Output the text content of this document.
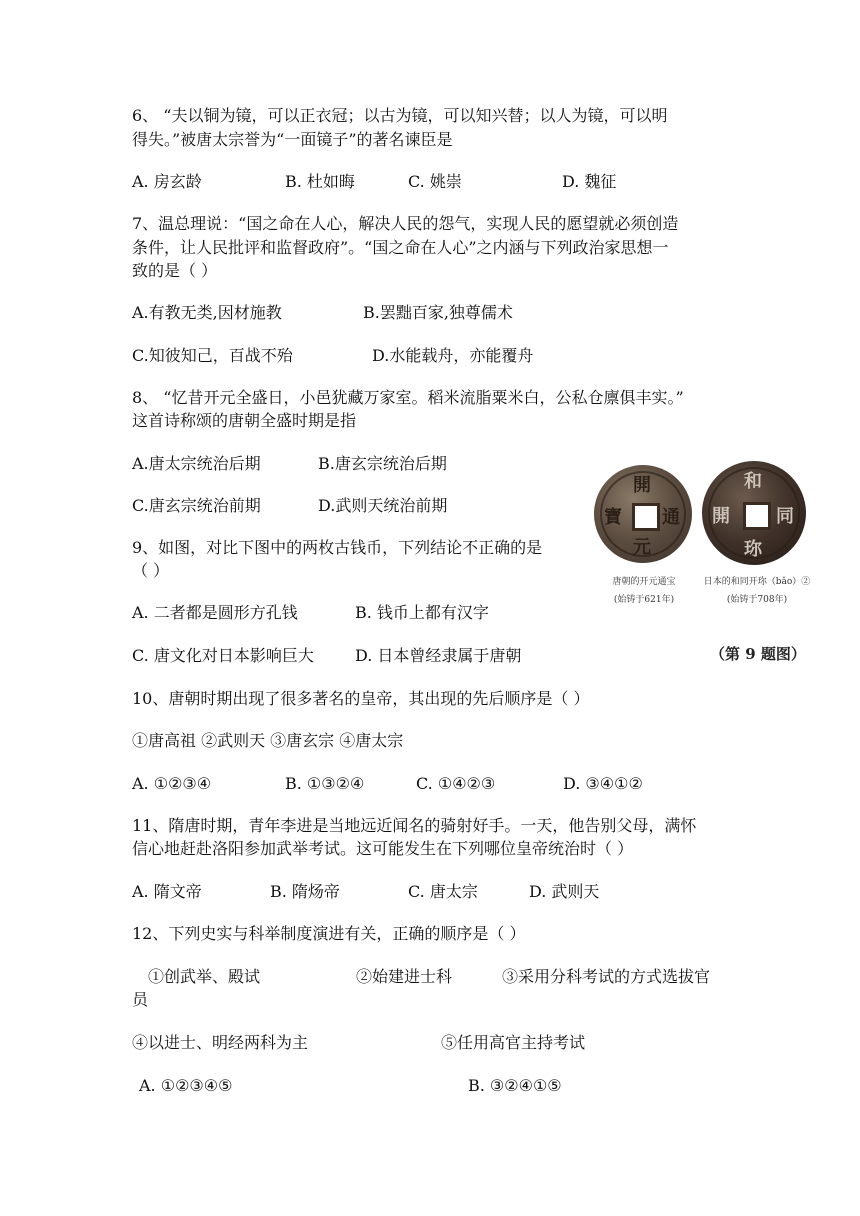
6、 “夫以铜为镜，可以正衣冠；以古为镜，可以知兴替；以人为镜，可以明
得失。”被唐太宗誉为“一面镜子”的著名谏臣是
A. 房玄龄	B. 杜如晦	C. 姚崇	D. 魏征
7、温总理说：“国之命在人心，解决人民的怨气，实现人民的愿望就必须创造
条件，让人民批评和监督政府”。“国之命在人心”之内涵与下列政治家思想一
致的是（ ）
A.有教无类,因材施教	B.罢黜百家,独尊儒术
C.知彼知己，百战不殆	D.水能载舟，亦能覆舟
8、 “忆昔开元全盛日，小邑犹藏万家室。稻米流脂粟米白，公私仓廪俱丰实。”
这首诗称颂的唐朝全盛时期是指
A.唐太宗统治后期	B.唐玄宗统治后期
C.唐玄宗统治前期	D.武则天统治前期
9、如图，对比下图中的两枚古钱币，下列结论不正确的是
（ ）
A. 二者都是圆形方孔钱	B. 钱币上都有汉字
C. 唐文化对日本影响巨大	D. 日本曾经隶属于唐朝
開
通
寶
元
和
同
開
珎
唐朝的开元通宝
(始铸于621年)
日本的和同开珎（bǎo）②
(始铸于708年)
（第 9 题图）
10、唐朝时期出现了很多著名的皇帝，其出现的先后顺序是（ ）
①唐高祖 ②武则天 ③唐玄宗 ④唐太宗
A. ①②③④	B. ①③②④	C. ①④②③	D. ③④①②
11、隋唐时期，青年李进是当地远近闻名的骑射好手。一天，他告别父母，满怀
信心地赶赴洛阳参加武举考试。这可能发生在下列哪位皇帝统治时（ ）
A. 隋文帝	B. 隋炀帝	C. 唐太宗	D. 武则天
12、下列史实与科举制度演进有关，正确的顺序是（ ）
①创武举、殿试	②始建进士科	③采用分科考试的方式选拔官
员
④以进士、明经两科为主	⑤任用高官主持考试
A. ①②③④⑤	B. ③②④①⑤
